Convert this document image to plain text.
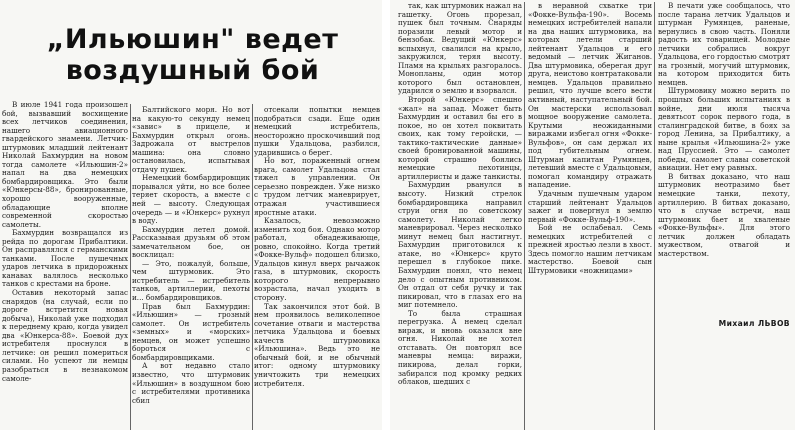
„Ильюшин" ведет
воздушный бой

В июле 1941 года произошел бой, вызвавший восхищение всех летчиков соединения, нашего авиационного гвардейского знамени. Летчик-штурмовик младший лейтенант Николай Бахмурдин на новом тогда самолете «Ильюшин-2» напал на два немецких бомбардировщика. Это были «Юнкерсы-88», бронированные, хорошо вооруженные, обладающие вполне современной скоростью самолеты.

Бахмурдин возвращался из рейда по дорогам Прибалтики. Он расправлялся с германскими танками. После пушечных ударов летчика в придорожных канавах валялось несколько танков с крестами на броне.

Оставив некоторый запас снарядов (на случай, если по дороге встретится новая добыча), Николай уже подходил к переднему краю, когда увидел два «Юнкерса-88». Боевой дух истребителя проснулся в летчике: он решил помериться силами. Но успеют ли немцы разобраться в незнакомом самоле-

Балтийского моря. Но вот на какую-то секунду немец «завис» в прицеле, и Бахмурдин открыл огонь. Задрожала от выстрелов машина: она словно остановилась, испытывая отдачу пушек.

Немецкий бомбардировщик порывался уйти, но все более теряет скорость, а вместе с ней — высоту. Следующая очередь — и «Юнкерс» рухнул в воду.

Бахмурдин летел домой. Рассказывая друзьям об этом замечательном бое, он восклицал:

— Это, пожалуй, больше, чем штурмовик. Это истребитель — истребитель танков, артиллерии, пехоты и... бомбардировщиков.

Прав был Бахмурдин: «Ильюшин» — грозный самолет. Он истребитель «земных» и «морских» немцев, он может успешно бороться с бомбардировщиками.

А вот недавно стало известно, что штурмовик «Ильюшин» в воздушном бою с истребителями противника сбил

отсекали попытки немцев подобраться сзади. Еще один немецкий истребитель, неосторожно проскочивший под пушки Удальцова, разбился, ударившись о берег.

Но вот, пораженный огнем врага, самолет Удальцова стал тяжел в управлении. Он серьезно поврежден. Уже низко с трудом летчик маневрирует, отражая участившиеся яростные атаки.

Казалось, невозможно изменить ход боя. Однако мотор работал, обнадеживающе, ровно, спокойно. Когда третий «Фокке-Вульф» подошел близко, Удальцов кинул вверх рычажок газа, в штурмовик, скорость которого непрерывно возрастала, начал уходить в сторону.

Так закончился этот бой. В нем проявилось великолепное сочетание отваги и мастерства летчика Удальцова и боевых качеств штурмовика «Ильюшина». Ведь это не обычный бой, и не обычный итог: одному штурмовику уничтожить три немецких истребителя.

так, как штурмовик нажал на гашетку. Огонь прорезал, пушек был точным. Снаряды поразили левый мотор и бензобак. Ведущий «Юнкерс» вспыхнул, свалился на крыло, закружился, теряя высоту. Пламя на крыльях разгоралось. Монопланы, один мотор которого был остановлен, ударился о землю и взорвался.

Второй «Юнкерс» спешно «жал» на запад. Может быть Бахмурдин и оставил бы его в покое, но он хотел поквитать своих, как тому геройски, — тактико-тактические данные» своей бронированной машины, которой страшно боялись немецкие пехотинцы, артиллеристы и даже танкисты.

Бахмурдин рванулся в высоту. Низкий стрелок бомбардировщика направил струи огня по советскому самолету. Николай легко маневрировал. Через несколько минут немец был настигнут. Бахмурдин приготовился к атаке, но «Юнкерс» круто перешел в глубокое пике. Бахмурдин понял, что немец дело с опытным противником. Он отдал от себя ручку и так пикировал, что в глазах его на миг потемнело.

То была страшная перегрузка. А немец сделал вираж, и вновь оказался вне огня. Николай не хотел отставать. Он повторял все маневры немца: виражи, пикирова, делал горки, забирался под кромку редких облаков, шедших с

в неравной схватке три «Фокке-Вульфа-190». Восемь немецких истребителей напали на два наших штурмовика, на которых летели старший лейтенант Удальцов и его ведомый — летчик Жиганов. Два штурмовика, оберегая друг друга, неистово контратаковали немцев. Удальцов правильно решил, что лучше всего вести активный, наступательный бой. Он мастерски использовал мощное вооружение самолета. Крутыми неожиданными виражами избегал огня «Фокке-Вульфов», он сам держал их под губительным огнем. Штурман капитан Румянцев, летевший вместе с Удальцовым, помогал командиру отражать нападение.

Удачным пушечным ударом старший лейтенант Удальцов зажег и повергнул в землю первый «Фокке-Вульф-190».

Бой не ослабевал. Семь немецких истребителей с прежней яростью лезли в хвост. Здесь помогло нашим летчикам мастерство. Боевой сын Штурмовики «ножницами»

В печати уже сообщалось, что после тарана летчик Удальцов и штурман Румянцев, раненые, вернулись в свою часть. Поняли радость их товарищей. Молодые летчики собрались вокруг Удальцова, его гордостью смотрят на грозный, могучий штурмовик, на котором приходится бить немцев.

Штурмовику можно верить по прошлых больших испытаниях в войне, дни июля тысяча девятьсот сорок первого года, в сталинградской битве, в боях за город Ленина, за Прибалтику, а ныне крылья «Ильюшина-2» уже над Пруссией. Это — самолет победы, самолет славы советской авиации. Нет ему равных.

В битвах доказано, что наш штурмовик неотразимо бьет немецкие танки, пехоту, артиллерию. В битвах доказано, что в случае встречи, наш штурмовик бьет и хваленые «Фокке-Вульфы». Для этого летчик должен обладать мужеством, отвагой и мастерством.

Михаил ЛЬВОВ
